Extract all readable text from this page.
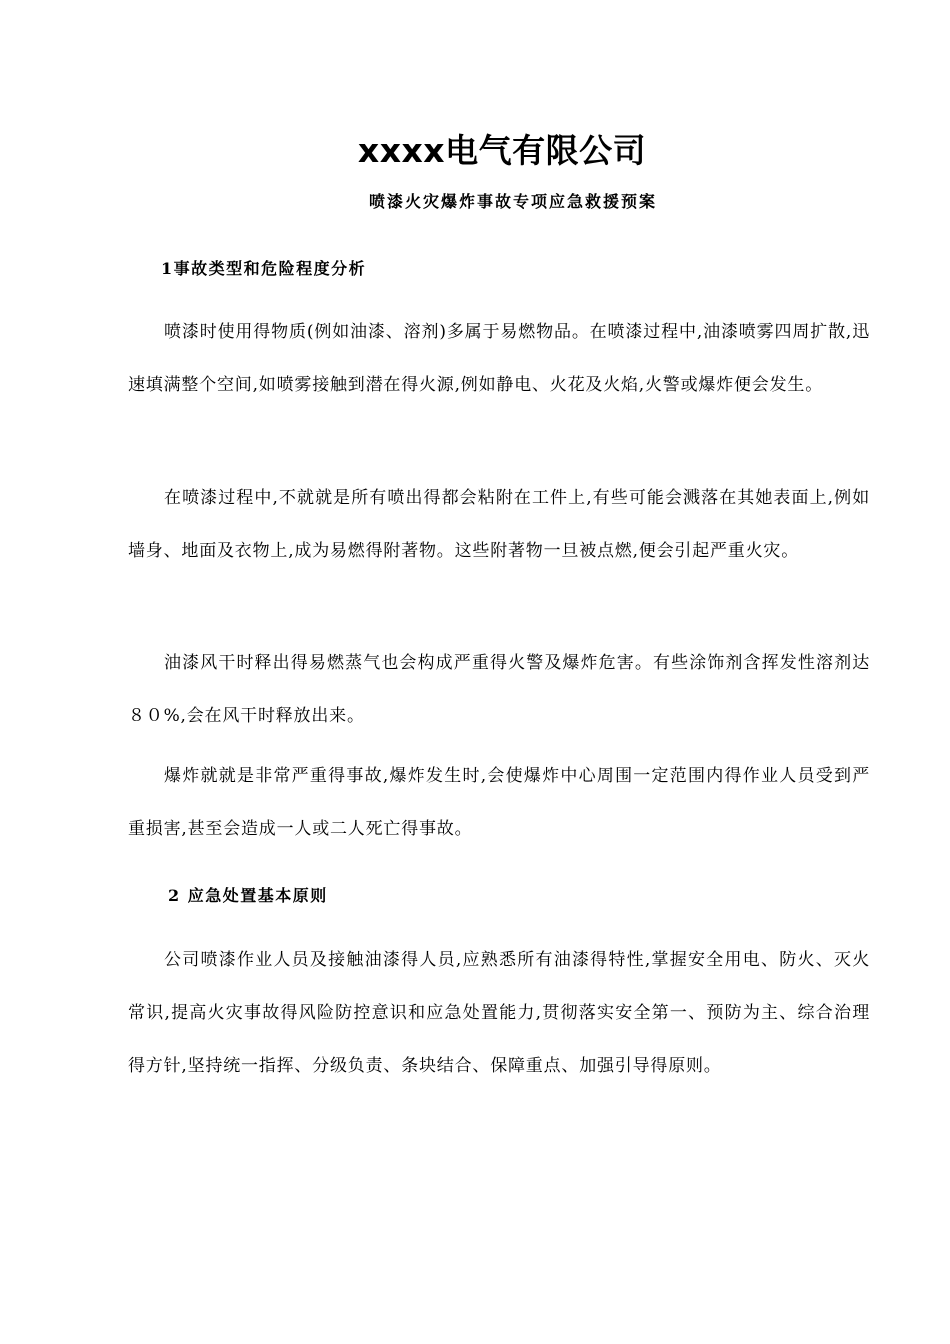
xxxx电气有限公司
喷漆火灾爆炸事故专项应急救援预案
1事故类型和危险程度分析

喷漆时使用得物质(例如油漆、溶剂)多属于易燃物品。在喷漆过程中,油漆喷雾四周扩散,迅速填满整个空间,如喷雾接触到潜在得火源,例如静电、火花及火焰,火警或爆炸便会发生。

在喷漆过程中,不就就是所有喷出得都会粘附在工件上,有些可能会溅落在其她表面上,例如墙身、地面及衣物上,成为易燃得附著物。这些附著物一旦被点燃,便会引起严重火灾。

油漆风干时释出得易燃蒸气也会构成严重得火警及爆炸危害。有些涂饰剂含挥发性溶剂达８０%,会在风干时释放出来。

爆炸就就是非常严重得事故,爆炸发生时,会使爆炸中心周围一定范围内得作业人员受到严重损害,甚至会造成一人或二人死亡得事故。

2 应急处置基本原则

公司喷漆作业人员及接触油漆得人员,应熟悉所有油漆得特性,掌握安全用电、防火、灭火常识,提高火灾事故得风险防控意识和应急处置能力,贯彻落实安全第一、预防为主、综合治理得方针,坚持统一指挥、分级负责、条块结合、保障重点、加强引导得原则。
